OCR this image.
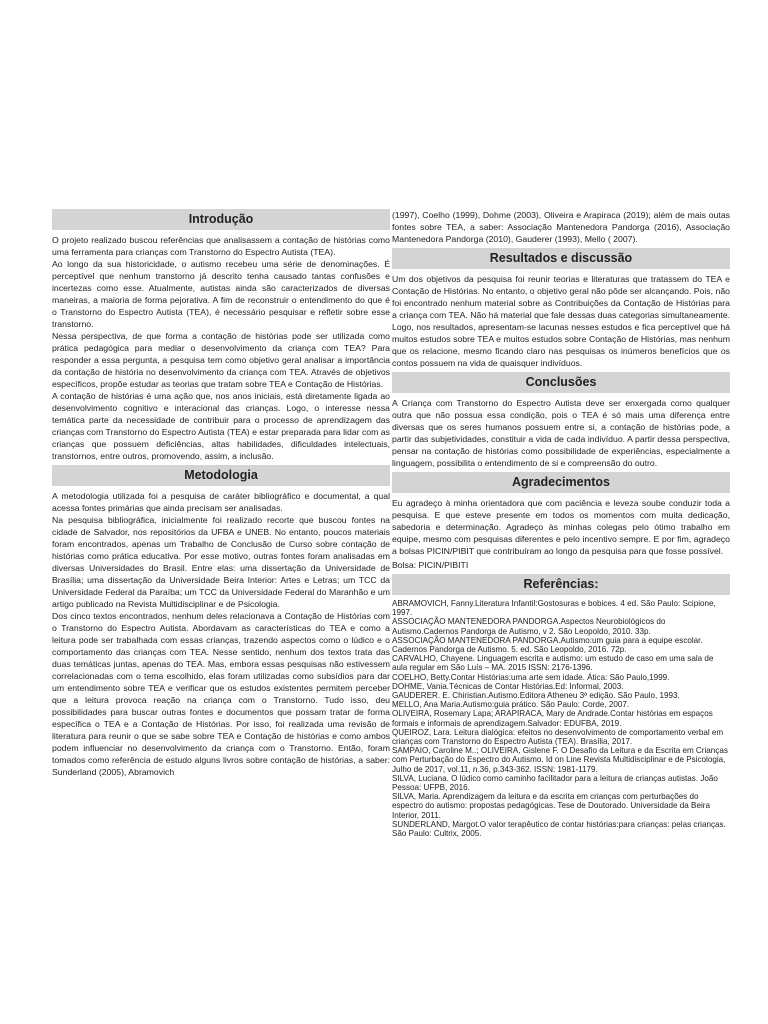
Introdução

O projeto realizado buscou referências que analisassem a contação de histórias como uma ferramenta para crianças com Transtorno do Espectro Autista (TEA).

Ao longo da sua historicidade, o autismo recebeu uma série de denominações. É perceptível que nenhum transtorno já descrito tenha causado tantas confusões e incertezas como esse. Atualmente, autistas ainda são caracterizados de diversas maneiras, a maioria de forma pejorativa. A fim de reconstruir o entendimento do que é o Transtorno do Espectro Autista (TEA), é necessário pesquisar e refletir sobre esse transtorno.

Nessa perspectiva, de que forma a contação de histórias pode ser utilizada como prática pedagógica para mediar o desenvolvimento da criança com TEA? Para responder a essa pergunta, a pesquisa tem como objetivo geral analisar a importância da contação de história no desenvolvimento da criança com TEA. Através de objetivos específicos, propõe estudar as teorias que tratam sobre TEA e Contação de Histórias.

A contação de histórias é uma ação que, nos anos iniciais, está diretamente ligada ao desenvolvimento cognitivo e interacional das crianças. Logo, o interesse nessa temática parte da necessidade de contribuir para o processo de aprendizagem das crianças com Transtorno do Espectro Autista (TEA) e estar preparada para lidar com as crianças que possuem deficiências, altas habilidades, dificuldades intelectuais, transtornos, entre outros, promovendo, assim, a inclusão.

Metodologia

A metodologia utilizada foi a pesquisa de caráter bibliográfico e documental, a qual acessa fontes primárias que ainda precisam ser analisadas.

Na pesquisa bibliográfica, inicialmente foi realizado recorte que buscou fontes na cidade de Salvador, nos repositórios da UFBA e UNEB. No entanto, poucos materiais foram encontrados, apenas um Trabalho de Conclusão de Curso sobre contação de histórias como prática educativa. Por esse motivo, outras fontes foram analisadas em diversas Universidades do Brasil. Entre elas: uma dissertação da Universidade de Brasília; uma dissertação da Universidade Beira Interior: Artes e Letras; um TCC da Universidade Federal da Paraíba; um TCC da Universidade Federal do Maranhão e um artigo publicado na Revista Multidisciplinar e de Psicologia.

Dos cinco textos encontrados, nenhum deles relacionava a Contação de Histórias com o Transtorno do Espectro Autista. Abordavam as características do TEA e como a leitura pode ser trabalhada com essas crianças, trazendo aspectos como o lúdico e o comportamento das crianças com TEA. Nesse sentido, nenhum dos textos trata das duas temáticas juntas, apenas do TEA. Mas, embora essas pesquisas não estivessem correlacionadas com o tema escolhido, elas foram utilizadas como subsídios para dar um entendimento sobre TEA e verificar que os estudos existentes permitem perceber que a leitura provoca reação na criança com o Transtorno. Tudo isso, deu possibilidades para buscar outras fontes e documentos que possam tratar de forma específica o TEA e a Contação de Histórias. Por isso, foi realizada uma revisão de literatura para reunir o que se sabe sobre TEA e Contação de histórias e como ambos podem influenciar no desenvolvimento da criança com o Transtorno. Então, foram tomados como referência de estudo alguns livros sobre contação de histórias, a saber: Sunderland (2005), Abramovich

(1997), Coelho (1999), Dohme (2003), Oliveira e Arapiraca (2019); além de mais outas fontes sobre TEA, a saber: Associação Mantenedora Pandorga (2016), Associação Mantenedora Pandorga (2010), Gauderer (1993), Mello ( 2007).

Resultados e discussão

Um dos objetivos da pesquisa foi reunir teorias e literaturas que tratassem do TEA e Contação de Histórias. No entanto, o objetivo geral não pôde ser alcançando. Pois, não foi encontrado nenhum material sobre as Contribuições da Contação de Histórias para a criança com TEA. Não há material que fale dessas duas categorias simultaneamente. Logo, nos resultados, apresentam-se lacunas nesses estudos e fica perceptível que há muitos estudos sobre TEA e muitos estudos sobre Contação de Histórias, mas nenhum que os relacione, mesmo ficando claro nas pesquisas os inúmeros benefícios que os contos possuem na vida de quaisquer indivíduos.

Conclusões

A Criança com Transtorno do Espectro Autista deve ser enxergada como qualquer outra que não possua essa condição, pois o TEA é só mais uma diferença entre diversas que os seres humanos possuem entre si, a contação de histórias pode, a partir das subjetividades, constituir a vida de cada indivíduo. A partir dessa perspectiva, pensar na contação de histórias como possibilidade de experiências, especialmente a linguagem, possibilita o entendimento de si e compreensão do outro.

Agradecimentos

Eu agradeço à minha orientadora que com paciência e leveza soube conduzir toda a pesquisa. E que esteve presente em todos os momentos com muita dedicação, sabedoria e determinação. Agradeço às minhas colegas pelo ótimo trabalho em equipe, mesmo com pesquisas diferentes e pelo incentivo sempre. E por fim, agradeço a bolsas PICIN/PIBIT que contribuíram ao longo da pesquisa para que fosse possível.

Bolsa: PICIN/PIBITI

Referências:

ABRAMOVICH, Fanny.Literatura Infantil:Gostosuras e bobices. 4 ed. São Paulo: Scipione, 1997.

ASSOCIAÇÃO MANTENEDORA PANDORGA.Aspectos Neurobiológicos do Autismo.Cadernos Pandorga de Autismo, v 2. São Leopoldo, 2010. 33p.

ASSOCIAÇÃO MANTENEDORA PANDORGA.Autismo:um guia para a equipe escolar. Cadernos Pandorga de Autismo. 5. ed. São Leopoldo, 2016. 72p.

CARVALHO, Chayene. Linguagem escrita e autismo: um estudo de caso em uma sala de aula regular em São Luís – MA. 2015 ISSN: 2176-1396.

COELHO, Betty.Contar Histórias:uma arte sem idade. Ática: São Paulo,1999.

DOHME, Vania.Técnicas de Contar Histórias.Ed: Informal, 2003.

GAUDERER. E. Chiristian.Autismo.Editora Atheneu 3ª edição. São Paulo, 1993.

MELLO, Ana Maria.Autismo:guia prático. São Paulo: Corde, 2007.

OLIVEIRA, Rosemary Lapa; ARAPIRACA, Mary de Andrade.Contar histórias em espaços formais e informais de aprendizagem.Salvador: EDUFBA, 2019.

QUEIROZ, Lara. Leitura dialógica: efeitos no desenvolvimento de comportamento verbal em crianças com Transtorno do Espectro Autista (TEA). Brasília, 2017.

SAMPAIO, Caroline M..; OLIVEIRA, Gislene F. O Desafio da Leitura e da Escrita em Crianças com Perturbação do Espectro do Autismo. Id on Line Revista Multidisciplinar e de Psicologia, Julho de 2017, vol.11, n.36, p.343-362. ISSN: 1981-1179.

SILVA, Luciana. O lúdico como caminho facilitador para a leitura de crianças autistas. João Pessoa: UFPB, 2016.

SILVA, Maria. Aprendizagem da leitura e da escrita em crianças com perturbações do espectro do autismo: propostas pedagógicas. Tese de Doutorado. Universidade da Beira Interior, 2011.

SUNDERLAND, Margot.O valor terapêutico de contar histórias:para crianças: pelas crianças. São Paulo: Cultrix, 2005.
